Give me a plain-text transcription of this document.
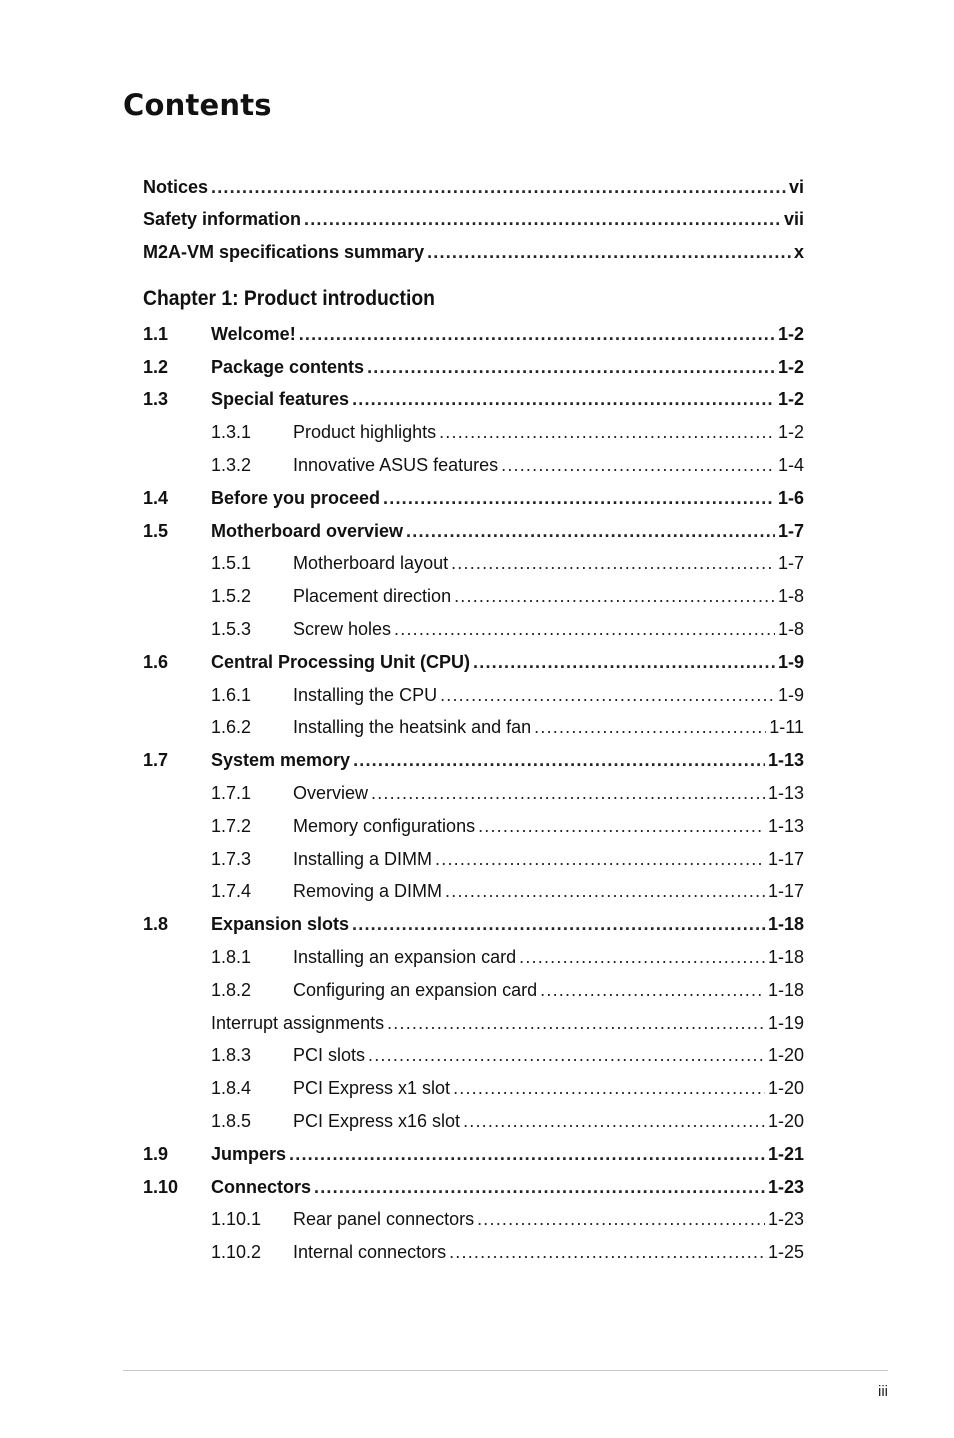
Contents
Notices .....	vi
Safety information .....	vii
M2A-VM specifications summary .....	x
Chapter 1: Product introduction
1.1	Welcome! .....	1-2
1.2	Package contents .....	1-2
1.3	Special features .....	1-2
1.3.1	Product highlights .....	1-2
1.3.2	Innovative ASUS features .....	1-4
1.4	Before you proceed .....	1-6
1.5	Motherboard overview .....	1-7
1.5.1	Motherboard layout .....	1-7
1.5.2	Placement direction .....	1-8
1.5.3	Screw holes .....	1-8
1.6	Central Processing Unit (CPU) .....	1-9
1.6.1	Installing the CPU .....	1-9
1.6.2	Installing the heatsink and fan .....	1-11
1.7	System memory .....	1-13
1.7.1	Overview .....	1-13
1.7.2	Memory configurations .....	1-13
1.7.3	Installing a DIMM .....	1-17
1.7.4	Removing a DIMM .....	1-17
1.8	Expansion slots .....	1-18
1.8.1	Installing an expansion card .....	1-18
1.8.2	Configuring an expansion card .....	1-18
Interrupt assignments .....	1-19
1.8.3	PCI slots .....	1-20
1.8.4	PCI Express x1 slot .....	1-20
1.8.5	PCI Express x16 slot .....	1-20
1.9	Jumpers .....	1-21
1.10	Connectors .....	1-23
1.10.1	Rear panel connectors .....	1-23
1.10.2	Internal connectors .....	1-25
iii
